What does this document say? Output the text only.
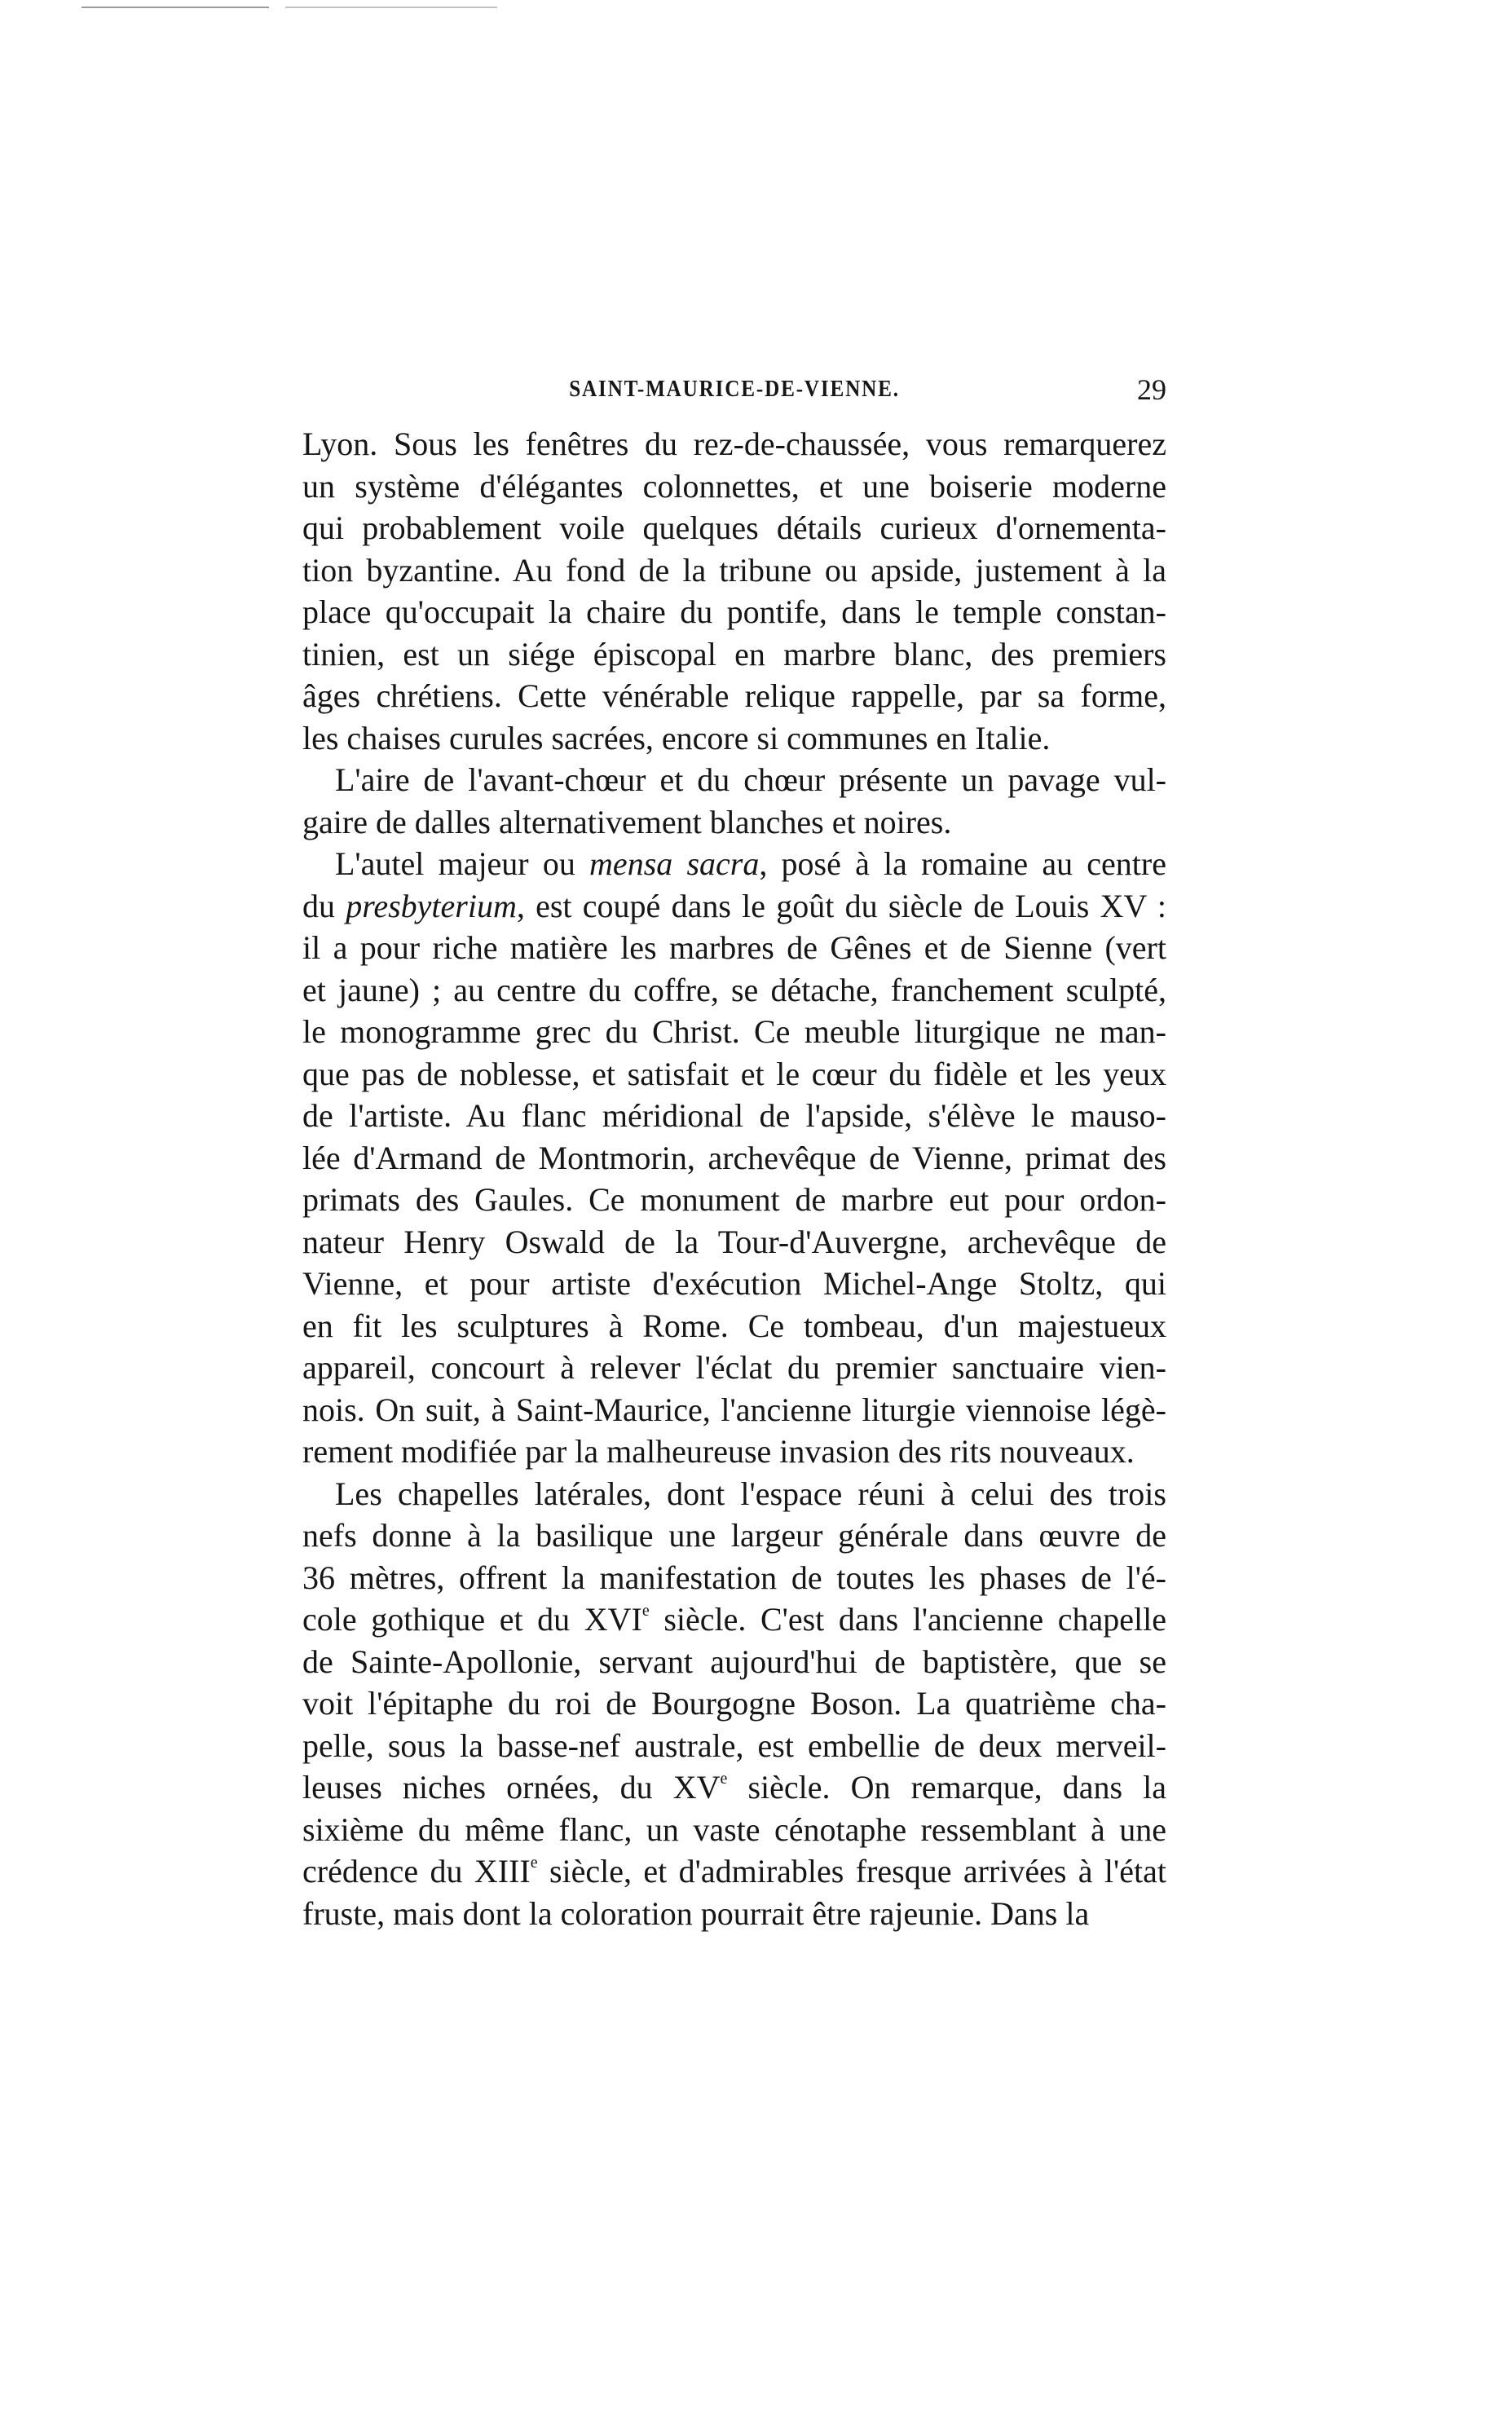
SAINT-MAURICE-DE-VIENNE.	29
Lyon. Sous les fenêtres du rez-de-chaussée, vous remarquerez
un système d'élégantes colonnettes, et une boiserie moderne
qui probablement voile quelques détails curieux d'ornementa-
tion byzantine. Au fond de la tribune ou apside, justement à la
place qu'occupait la chaire du pontife, dans le temple constan-
tinien, est un siége épiscopal en marbre blanc, des premiers
âges chrétiens. Cette vénérable relique rappelle, par sa forme,
les chaises curules sacrées, encore si communes en Italie.
L'aire de l'avant-chœur et du chœur présente un pavage vul-
gaire de dalles alternativement blanches et noires.
L'autel majeur ou mensa sacra, posé à la romaine au centre
du presbyterium, est coupé dans le goût du siècle de Louis XV :
il a pour riche matière les marbres de Gênes et de Sienne (vert
et jaune) ; au centre du coffre, se détache, franchement sculpté,
le monogramme grec du Christ. Ce meuble liturgique ne man-
que pas de noblesse, et satisfait et le cœur du fidèle et les yeux
de l'artiste. Au flanc méridional de l'apside, s'élève le mauso-
lée d'Armand de Montmorin, archevêque de Vienne, primat des
primats des Gaules. Ce monument de marbre eut pour ordon-
nateur Henry Oswald de la Tour-d'Auvergne, archevêque de
Vienne, et pour artiste d'exécution Michel-Ange Stoltz, qui
en fit les sculptures à Rome. Ce tombeau, d'un majestueux
appareil, concourt à relever l'éclat du premier sanctuaire vien-
nois. On suit, à Saint-Maurice, l'ancienne liturgie viennoise légè-
rement modifiée par la malheureuse invasion des rits nouveaux.
Les chapelles latérales, dont l'espace réuni à celui des trois
nefs donne à la basilique une largeur générale dans œuvre de
36 mètres, offrent la manifestation de toutes les phases de l'é-
cole gothique et du XVIe siècle. C'est dans l'ancienne chapelle
de Sainte-Apollonie, servant aujourd'hui de baptistère, que se
voit l'épitaphe du roi de Bourgogne Boson. La quatrième cha-
pelle, sous la basse-nef australe, est embellie de deux merveil-
leuses niches ornées, du XVe siècle. On remarque, dans la
sixième du même flanc, un vaste cénotaphe ressemblant à une
crédence du XIIIe siècle, et d'admirables fresque arrivées à l'état
fruste, mais dont la coloration pourrait être rajeunie. Dans la
